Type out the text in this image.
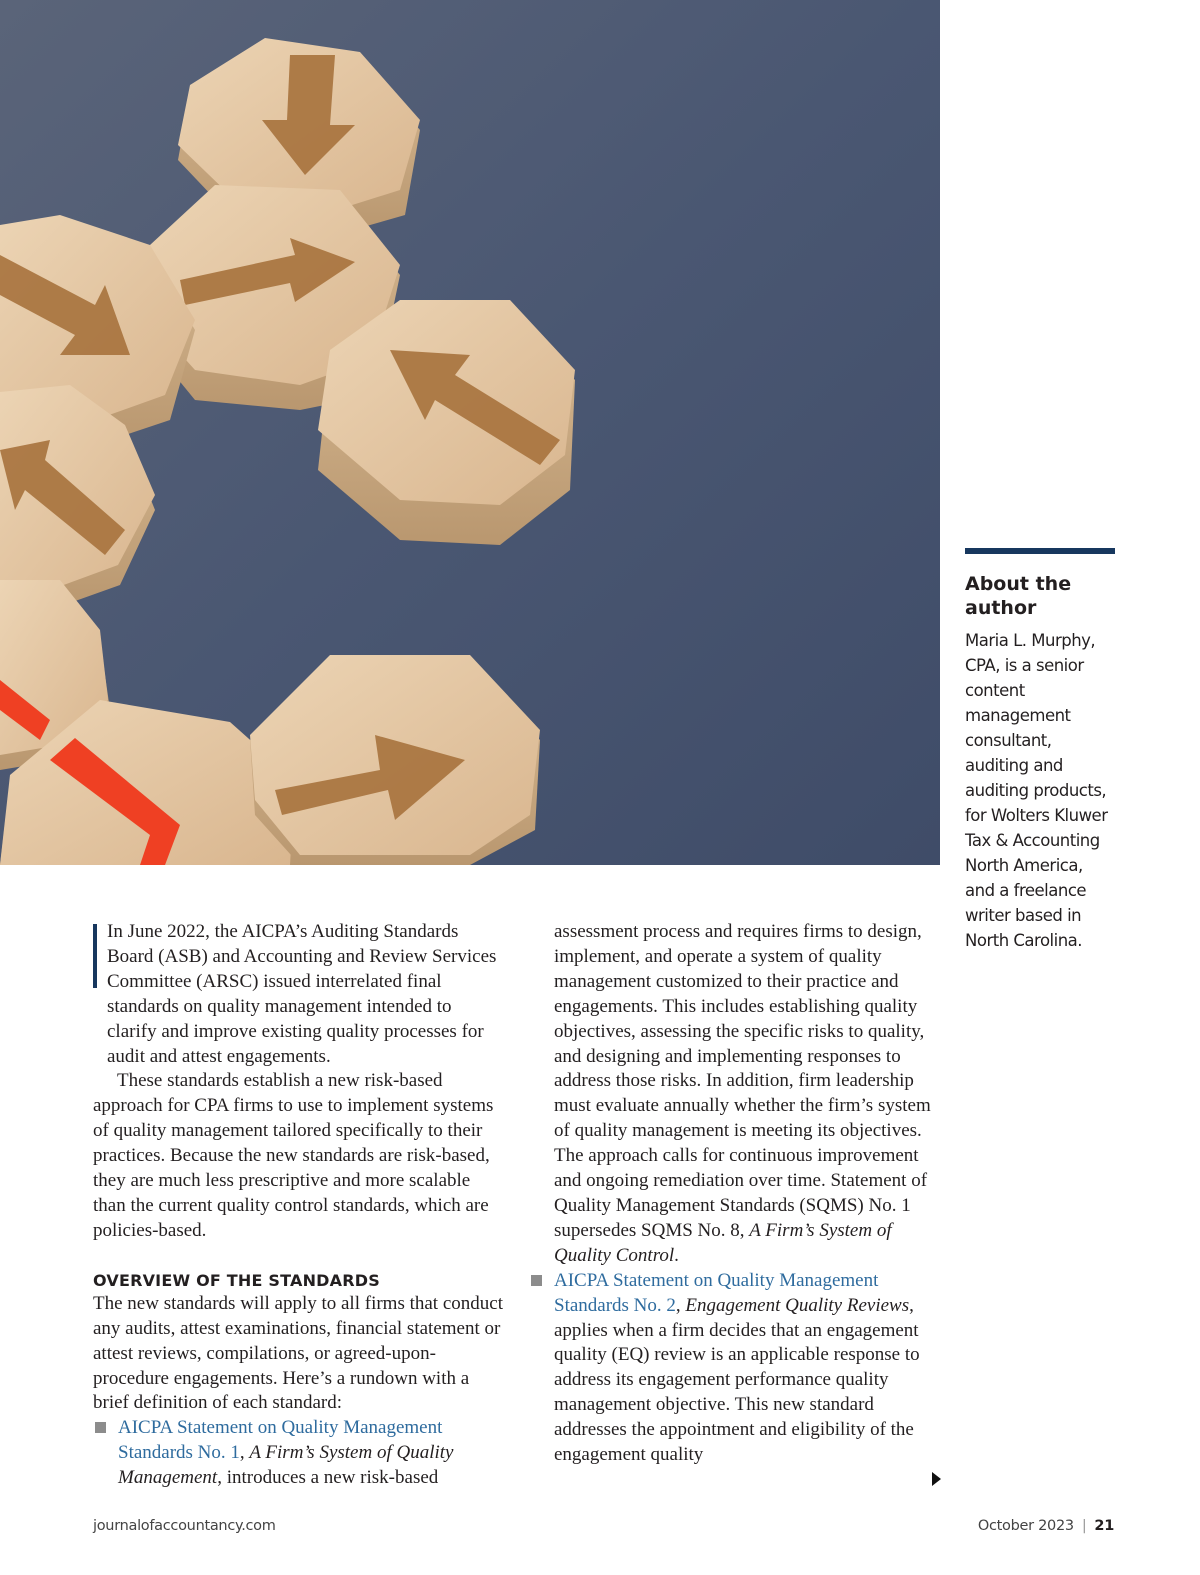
About the author

Maria L. Murphy, CPA, is a senior content management consultant, auditing and auditing products, for Wolters Kluwer Tax & Accounting North America, and a freelance writer based in North Carolina.

In June 2022, the AICPA’s Auditing Standards Board (ASB) and Accounting and Review Services Committee (ARSC) issued interrelated final standards on quality management intended to clarify and improve existing quality processes for audit and attest engagements.

These standards establish a new risk-based approach for CPA firms to use to implement systems of quality management tailored specifically to their practices. Because the new standards are risk-based, they are much less prescriptive and more scalable than the current quality control standards, which are policies-based.

OVERVIEW OF THE STANDARDS

The new standards will apply to all firms that conduct any audits, attest examinations, financial statement or attest reviews, compilations, or agreed-upon-procedure engagements. Here’s a rundown with a brief definition of each standard:

AICPA Statement on Quality Management Standards No. 1, A Firm’s System of Quality Management, introduces a new risk-based

assessment process and requires firms to design, implement, and operate a system of quality management customized to their practice and engagements. This includes establishing quality objectives, assessing the specific risks to quality, and designing and implementing responses to address those risks. In addition, firm leadership must evaluate annually whether the firm’s system of quality management is meeting its objectives. The approach calls for continuous improvement and ongoing remediation over time. Statement of Quality Management Standards (SQMS) No. 1 supersedes SQMS No. 8, A Firm’s System of Quality Control.

AICPA Statement on Quality Management Standards No. 2, Engagement Quality Reviews, applies when a firm decides that an engagement quality (EQ) review is an applicable response to address its engagement performance quality management objective. This new standard addresses the appointment and eligibility of the engagement quality

journalofaccountancy.com	October 2023 | 21
